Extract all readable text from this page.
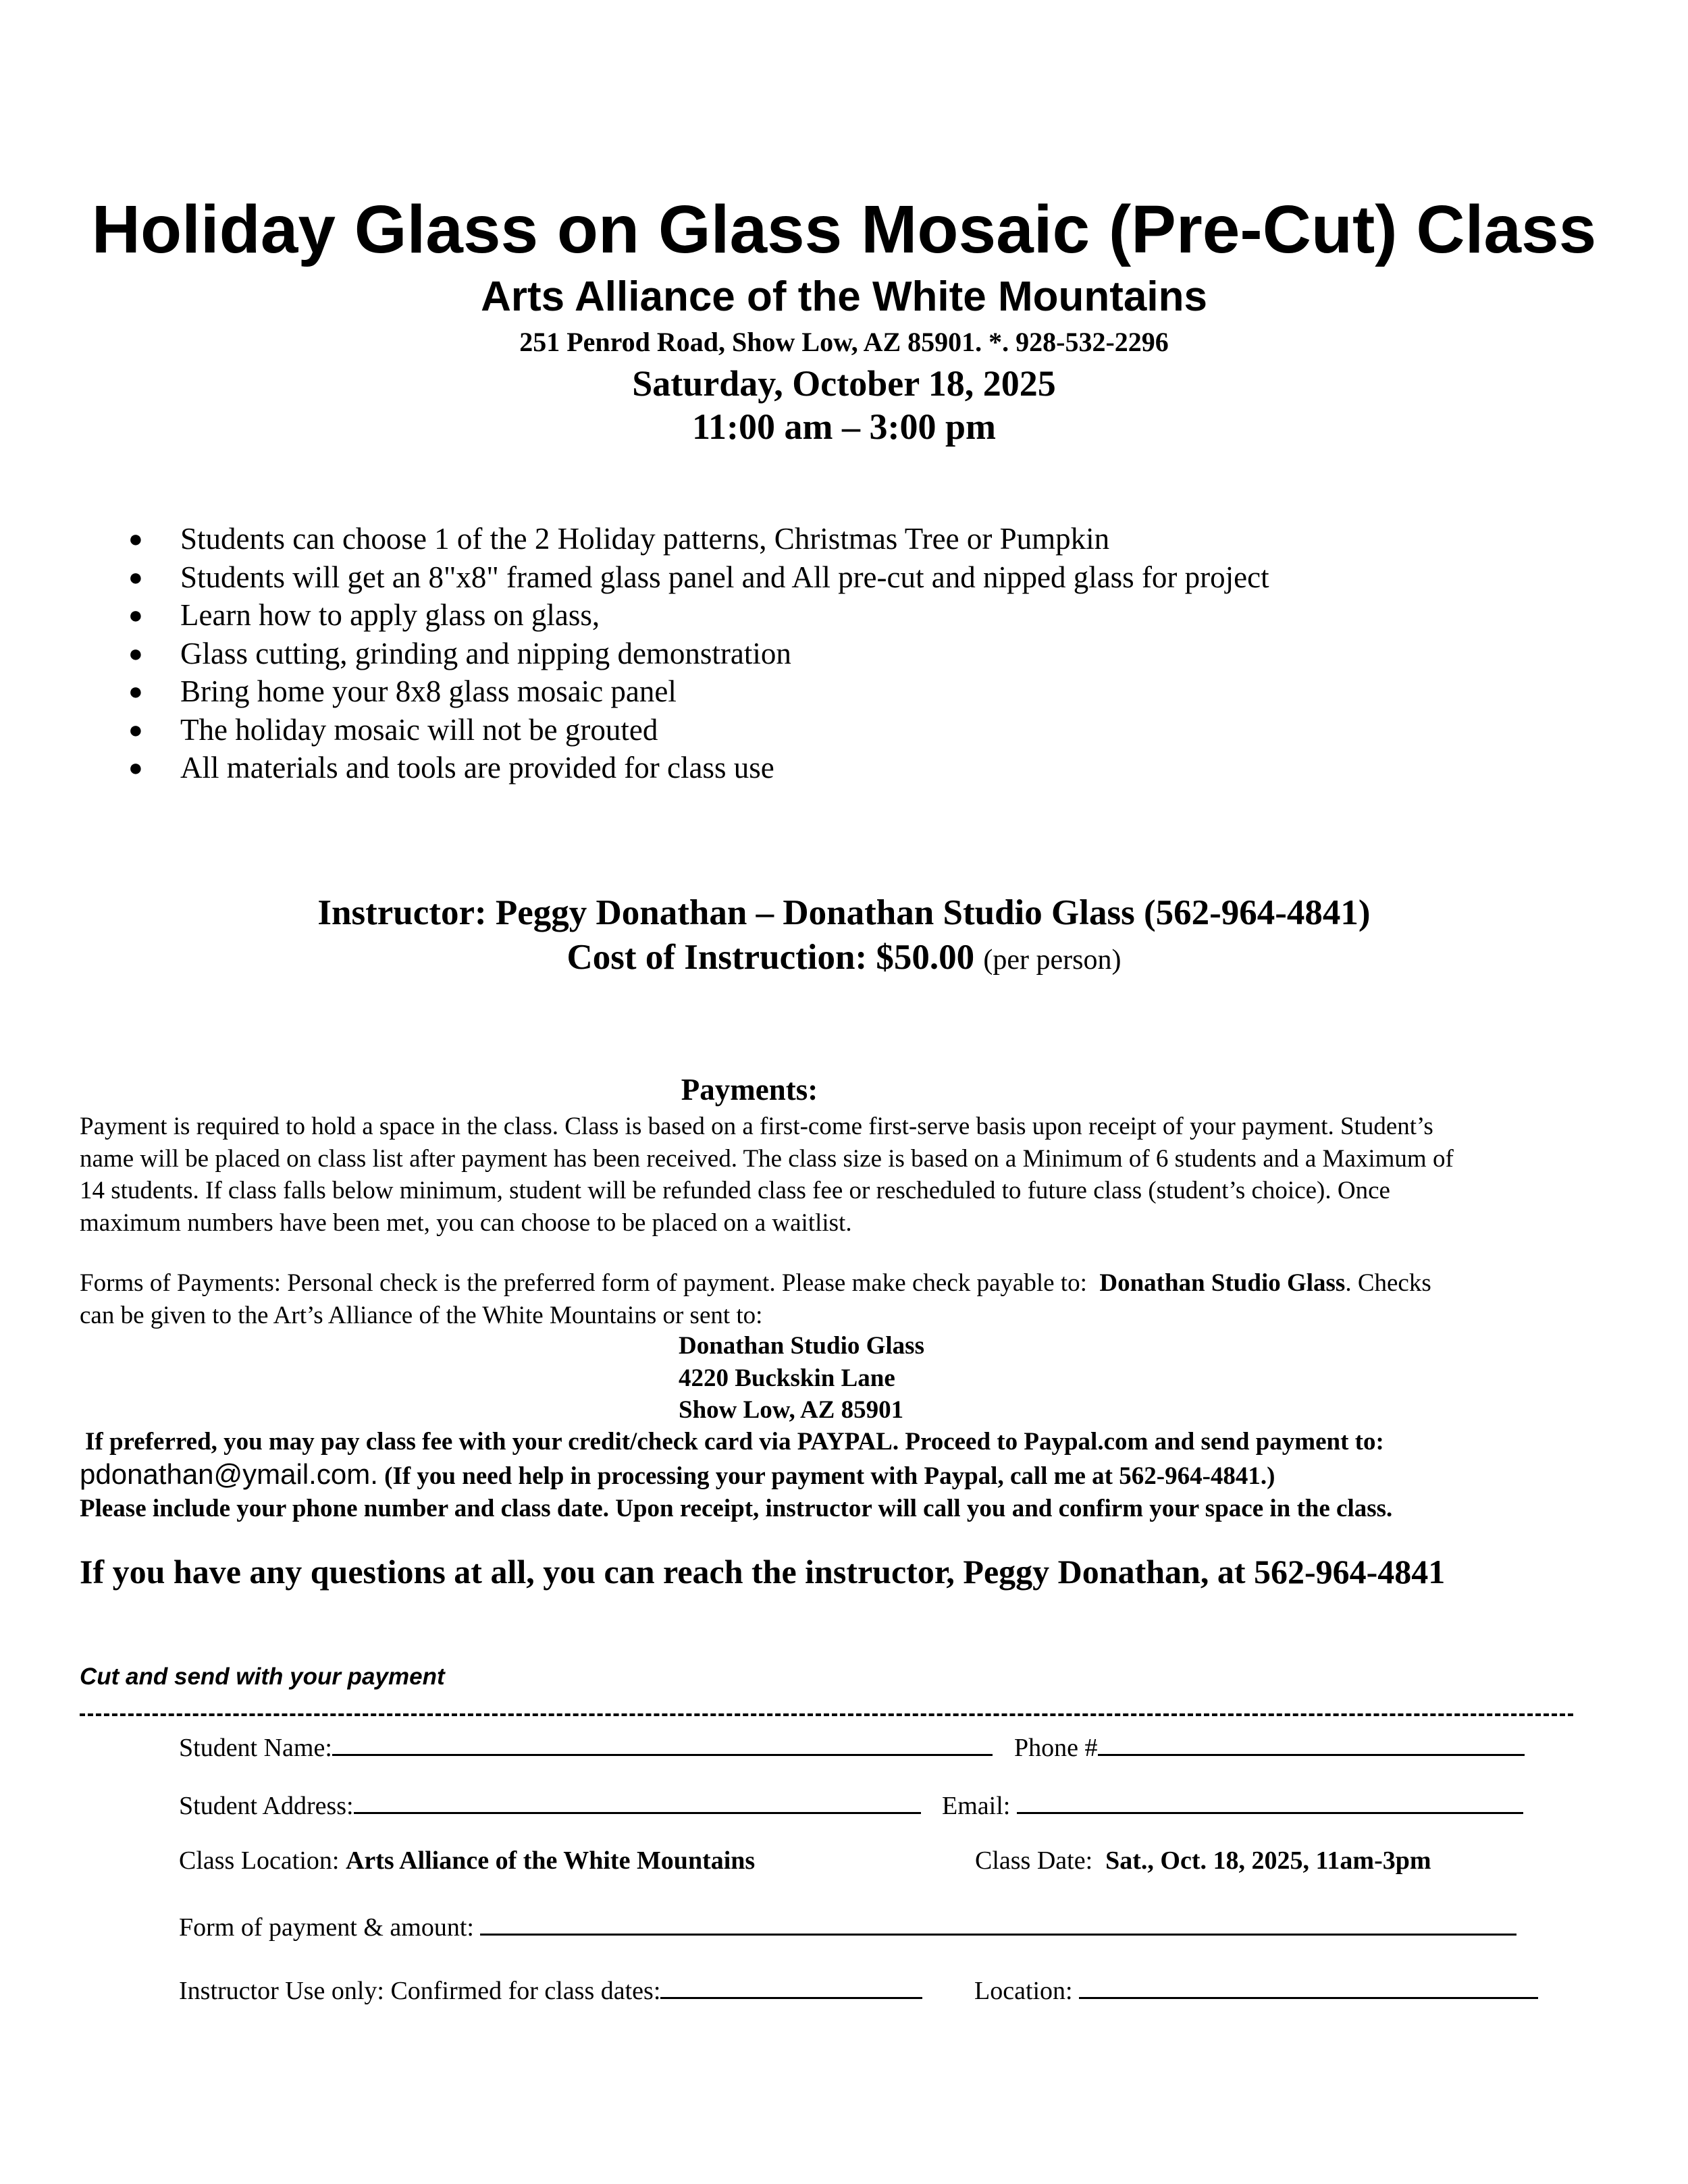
Holiday Glass on Glass Mosaic (Pre-Cut) Class
Arts Alliance of the White Mountains
251 Penrod Road, Show Low, AZ 85901. *. 928-532-2296
Saturday, October 18, 2025
11:00 am – 3:00 pm
● Students can choose 1 of the 2 Holiday patterns, Christmas Tree or Pumpkin
● Students will get an 8"x8" framed glass panel and All pre-cut and nipped glass for project
● Learn how to apply glass on glass,
● Glass cutting, grinding and nipping demonstration
● Bring home your 8x8 glass mosaic panel
● The holiday mosaic will not be grouted
● All materials and tools are provided for class use
Instructor: Peggy Donathan – Donathan Studio Glass (562-964-4841)
Cost of Instruction: $50.00 (per person)
Payments:
Payment is required to hold a space in the class. Class is based on a first-come first-serve basis upon receipt of your payment. Student’s
name will be placed on class list after payment has been received. The class size is based on a Minimum of 6 students and a Maximum of
14 students. If class falls below minimum, student will be refunded class fee or rescheduled to future class (student’s choice). Once
maximum numbers have been met, you can choose to be placed on a waitlist.
Forms of Payments: Personal check is the preferred form of payment. Please make check payable to: Donathan Studio Glass. Checks
can be given to the Art’s Alliance of the White Mountains or sent to:
Donathan Studio Glass
4220 Buckskin Lane
Show Low, AZ 85901
If preferred, you may pay class fee with your credit/check card via PAYPAL. Proceed to Paypal.com and send payment to:
pdonathan@ymail.com. (If you need help in processing your payment with Paypal, call me at 562-964-4841.)
Please include your phone number and class date. Upon receipt, instructor will call you and confirm your space in the class.
If you have any questions at all, you can reach the instructor, Peggy Donathan, at 562-964-4841
Cut and send with your payment
Student Name:	Phone #
Student Address:	Email:
Class Location: Arts Alliance of the White Mountains	Class Date: Sat., Oct. 18, 2025, 11am-3pm
Form of payment & amount:
Instructor Use only: Confirmed for class dates:	Location:
